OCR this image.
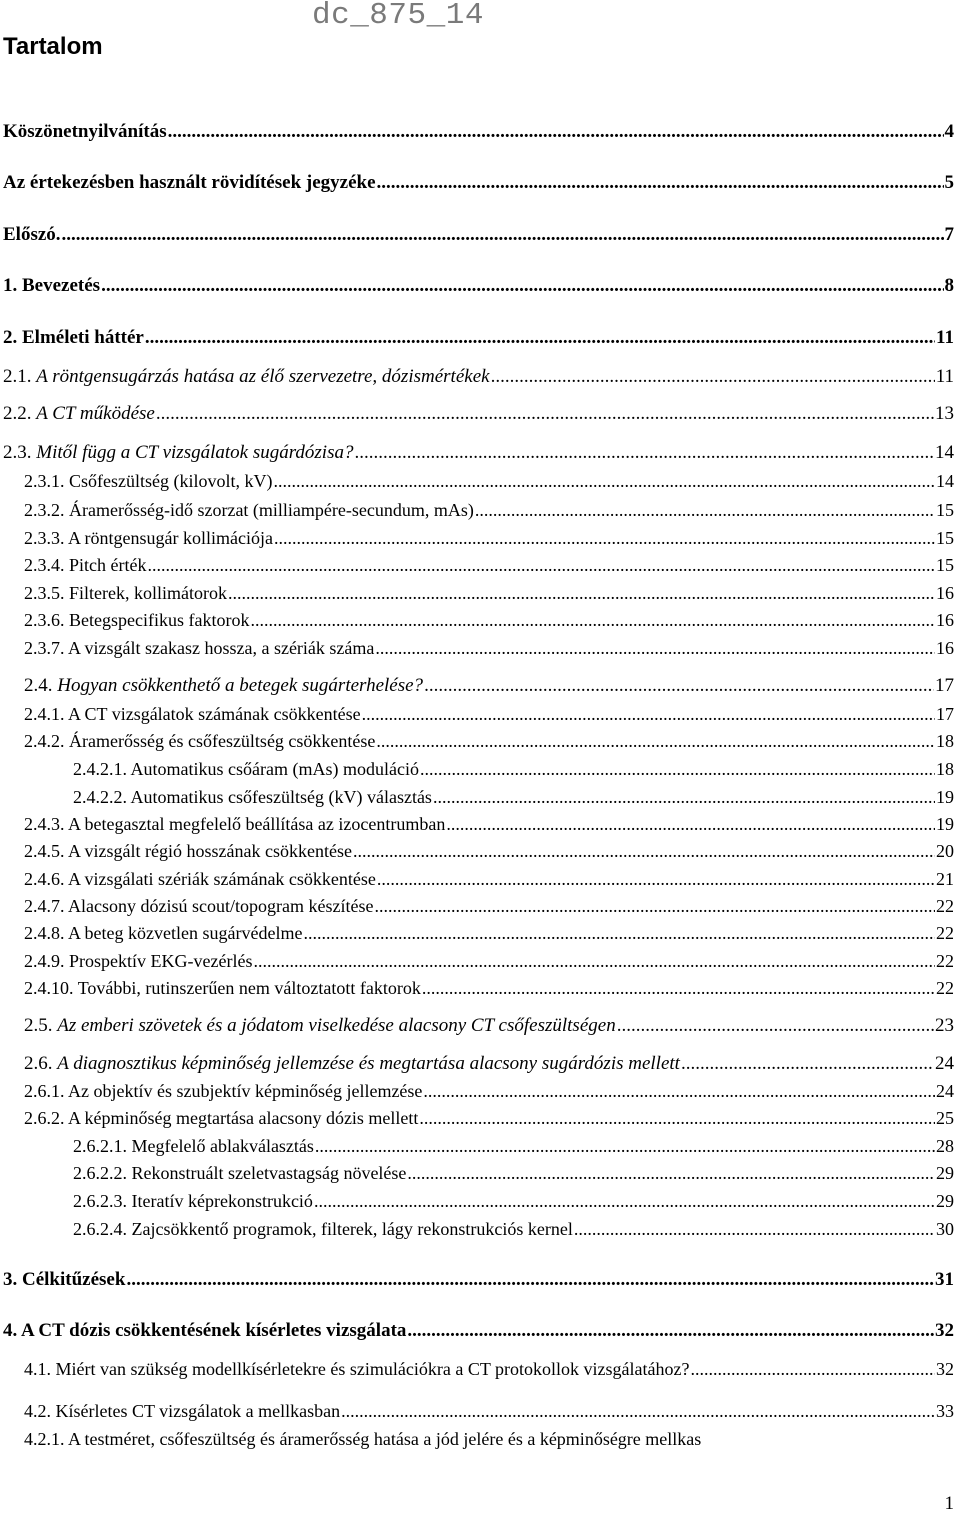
dc_875_14
Tartalom
Köszönetnyilvánítás .....	4
Az értekezésben használt rövidítések jegyzéke .....	5
Előszó. .....	7
1. Bevezetés .....	8
2. Elméleti háttér .....	11
2.1. A röntgensugárzás hatása az élő szervezetre, dózismértékek .....	11
2.2. A CT működése .....	13
2.3. Mitől függ a CT vizsgálatok sugárdózisa? .....	14
2.3.1. Csőfeszültség (kilovolt, kV) .....	14
2.3.2. Áramerősség-idő szorzat (milliampére-secundum, mAs) .....	15
2.3.3. A röntgensugár kollimációja .....	15
2.3.4. Pitch érték .....	15
2.3.5. Filterek, kollimátorok .....	16
2.3.6. Betegspecifikus faktorok .....	16
2.3.7. A vizsgált szakasz hossza, a szériák száma .....	16
2.4. Hogyan csökkenthető a betegek sugárterhelése? .....	17
2.4.1. A CT vizsgálatok számának csökkentése .....	17
2.4.2. Áramerősség és csőfeszültség csökkentése .....	18
2.4.2.1. Automatikus csőáram (mAs) moduláció .....	18
2.4.2.2. Automatikus csőfeszültség (kV) választás .....	19
2.4.3. A betegasztal megfelelő beállítása az izocentrumban .....	19
2.4.5. A vizsgált régió hosszának csökkentése .....	20
2.4.6. A vizsgálati szériák számának csökkentése .....	21
2.4.7. Alacsony dózisú scout/topogram készítése .....	22
2.4.8. A beteg közvetlen sugárvédelme .....	22
2.4.9. Prospektív EKG-vezérlés .....	22
2.4.10. További, rutinszerűen nem változtatott faktorok .....	22
2.5. Az emberi szövetek és a jódatom viselkedése alacsony CT csőfeszültségen .....	23
2.6. A diagnosztikus képminőség jellemzése és megtartása alacsony sugárdózis mellett .....	24
2.6.1. Az objektív és szubjektív képminőség jellemzése .....	24
2.6.2. A képminőség megtartása alacsony dózis mellett .....	25
2.6.2.1. Megfelelő ablakválasztás .....	28
2.6.2.2. Rekonstruált szeletvastagság növelése .....	29
2.6.2.3. Iteratív képrekonstrukció .....	29
2.6.2.4. Zajcsökkentő programok, filterek, lágy rekonstrukciós kernel .....	30
3. Célkitűzések .....	31
4. A CT dózis csökkentésének kísérletes vizsgálata .....	32
4.1. Miért van szükség modellkísérletekre és szimulációkra a CT protokollok vizsgálatához? .....	32
4.2. Kísérletes CT vizsgálatok a mellkasban .....	33
4.2.1. A testméret, csőfeszültség és áramerősség hatása a jód jelére és a képminőségre mellkas
1
